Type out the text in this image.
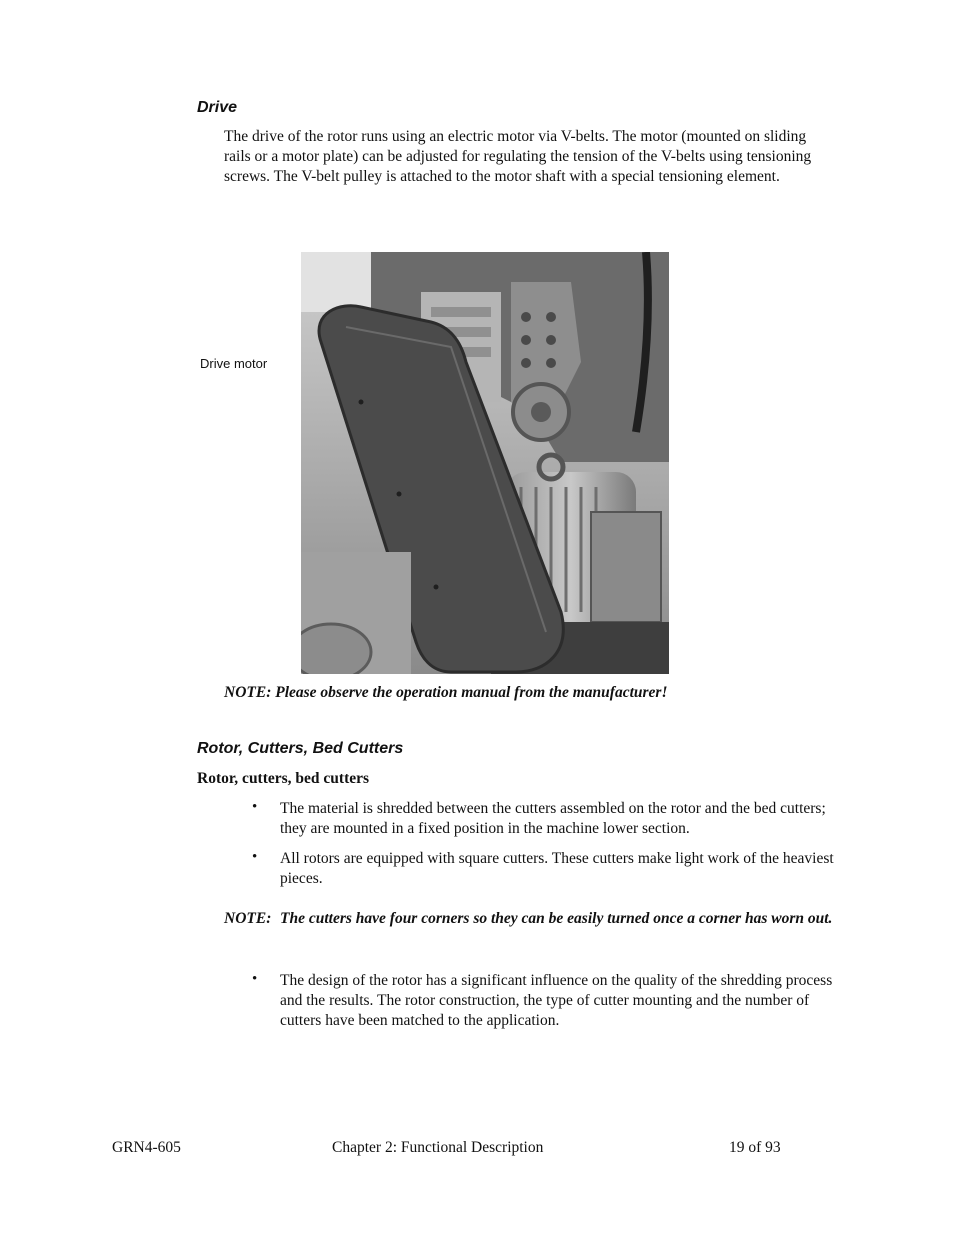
Drive
The drive of the rotor runs using an electric motor via V-belts. The motor (mounted on sliding rails or a motor plate) can be adjusted for regulating the tension of the V-belts using tensioning screws. The V-belt pulley is attached to the motor shaft with a special tensioning element.
Drive motor
NOTE: Please observe the operation manual from the manufacturer!
Rotor, Cutters, Bed Cutters
Rotor, cutters, bed cutters
• The material is shredded between the cutters assembled on the rotor and the bed cutters; they are mounted in a fixed position in the machine lower section.
• All rotors are equipped with square cutters. These cutters make light work of the heaviest pieces.
NOTE: The cutters have four corners so they can be easily turned once a corner has worn out.
• The design of the rotor has a significant influence on the quality of the shredding process and the results. The rotor construction, the type of cutter mounting and the number of cutters have been matched to the application.
GRN4-605	Chapter 2: Functional Description	19 of 93
